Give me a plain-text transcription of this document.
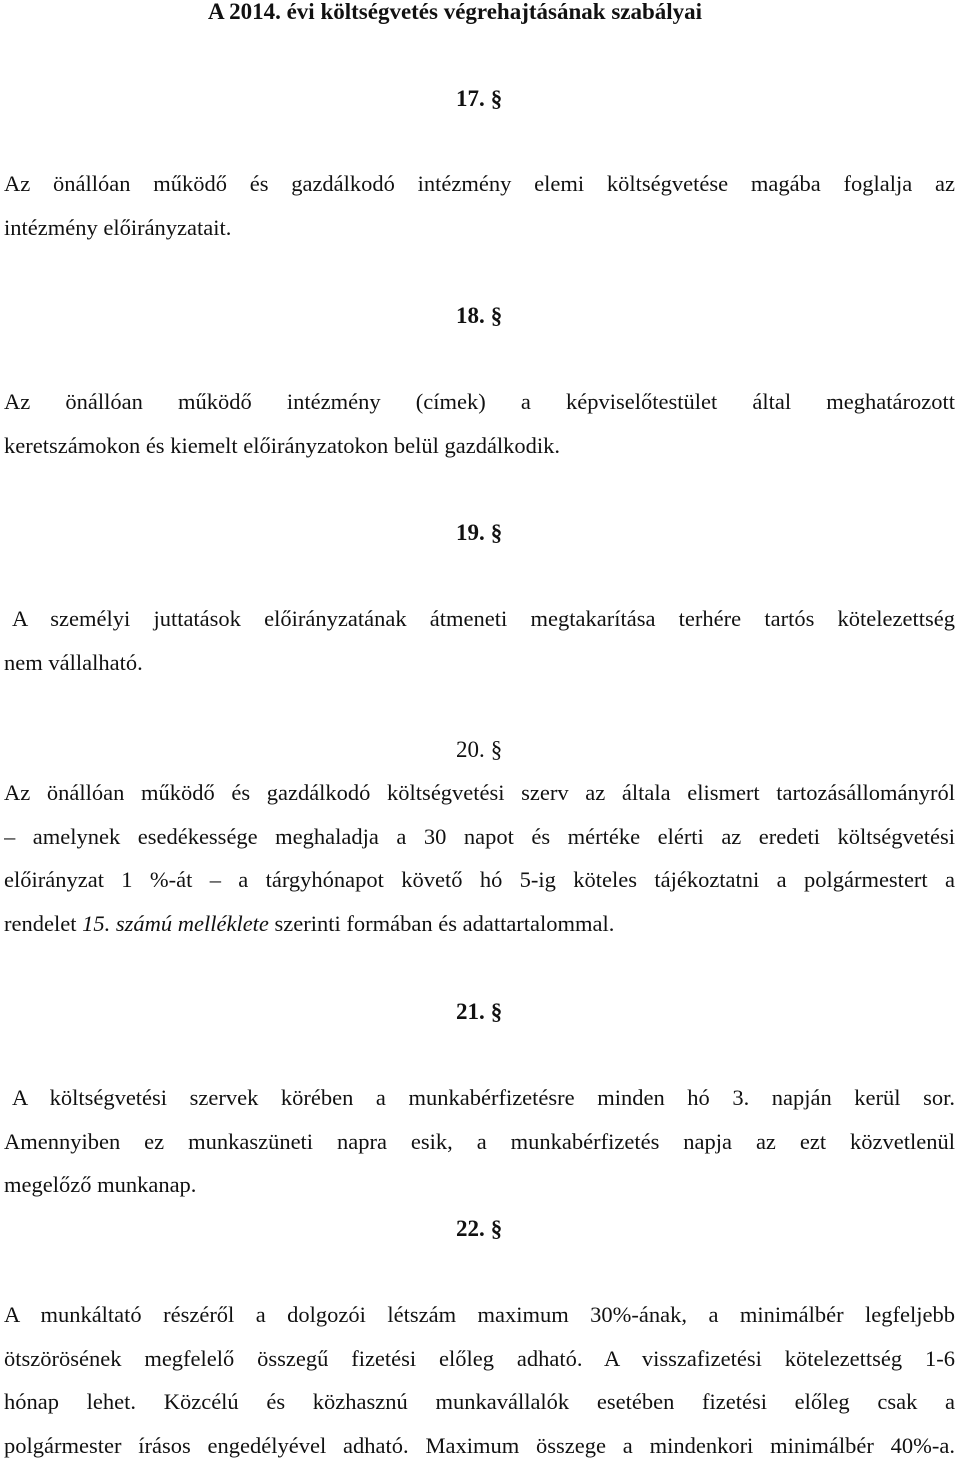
A 2014. évi költségvetés végrehajtásának szabályai
17. §
Az önállóan működő és gazdálkodó intézmény elemi költségvetése magába foglalja az
intézmény előirányzatait.
18. §
Az önállóan működő intézmény (címek) a képviselőtestület által meghatározott
keretszámokon és kiemelt előirányzatokon belül gazdálkodik.
19. §
A személyi juttatások előirányzatának átmeneti megtakarítása terhére tartós kötelezettség
nem vállalható.
20. §
Az önállóan működő és gazdálkodó költségvetési szerv az általa elismert tartozásállományról
– amelynek esedékessége meghaladja a 30 napot és mértéke elérti az eredeti költségvetési
előirányzat 1 %-át – a tárgyhónapot követő hó 5-ig köteles tájékoztatni a polgármestert a
rendelet 15. számú melléklete szerinti formában és adattartalommal.
21. §
A költségvetési szervek körében a munkabérfizetésre minden hó 3. napján kerül sor.
Amennyiben ez munkaszüneti napra esik, a munkabérfizetés napja az ezt közvetlenül
megelőző munkanap.
22. §
A munkáltató részéről a dolgozói létszám maximum 30%-ának, a minimálbér legfeljebb
ötszörösének megfelelő összegű fizetési előleg adható. A visszafizetési kötelezettség 1-6
hónap lehet. Közcélú és közhasznú munkavállalók esetében fizetési előleg csak a
polgármester írásos engedélyével adható. Maximum összege a mindenkori minimálbér 40%-a.
